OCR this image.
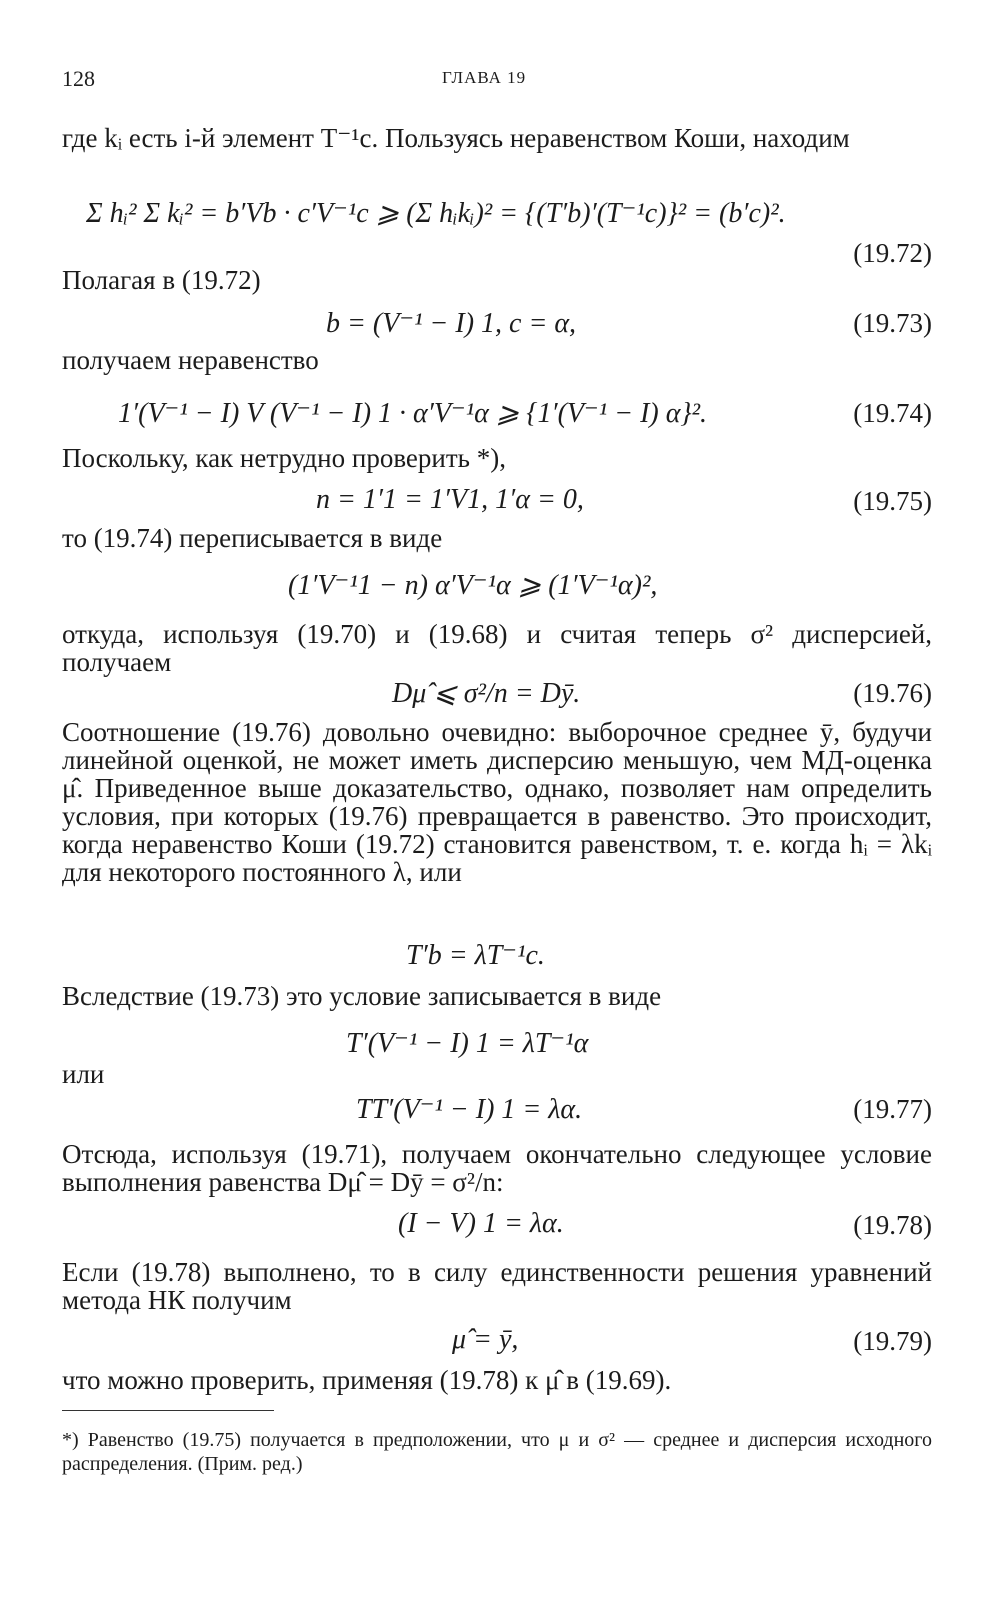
128	ГЛАВА 19
где kᵢ есть i-й элемент T⁻¹c. Пользуясь неравенством Коши, находим
Σ hᵢ² Σ kᵢ² = b′Vb · c′V⁻¹c ⩾ (Σ hᵢkᵢ)² = {(T′b)′(T⁻¹c)}² = (b′c)².
(19.72)
Полагая в (19.72)
b = (V⁻¹ − I) 1, c = α,	(19.73)
получаем неравенство
1′(V⁻¹ − I) V (V⁻¹ − I) 1 · α′V⁻¹α ⩾ {1′(V⁻¹ − I) α}².	(19.74)
Поскольку, как нетрудно проверить *),
n = 1′1 = 1′V1, 1′α = 0,	(19.75)
то (19.74) переписывается в виде
(1′V⁻¹1 − n) α′V⁻¹α ⩾ (1′V⁻¹α)²,
откуда, используя (19.70) и (19.68) и считая теперь σ² дисперсией, получаем
Dμ̂ ⩽ σ²/n = Dȳ.	(19.76)
Соотношение (19.76) довольно очевидно: выборочное среднее ȳ, будучи линейной оценкой, не может иметь дисперсию меньшую, чем МД-оценка μ̂. Приведенное выше доказательство, однако, позволяет нам определить условия, при которых (19.76) превращается в равенство. Это происходит, когда неравенство Коши (19.72) становится равенством, т. е. когда hᵢ = λkᵢ для некоторого постоянного λ, или
T′b = λT⁻¹c.
Вследствие (19.73) это условие записывается в виде
T′(V⁻¹ − I) 1 = λT⁻¹α
или
TT′(V⁻¹ − I) 1 = λα.	(19.77)
Отсюда, используя (19.71), получаем окончательно следующее условие выполнения равенства Dμ̂ = Dȳ = σ²/n:
(I − V) 1 = λα.	(19.78)
Если (19.78) выполнено, то в силу единственности решения уравнений метода НК получим
μ̂ = ȳ,	(19.79)
что можно проверить, применяя (19.78) к μ̂ в (19.69).
*) Равенство (19.75) получается в предположении, что μ и σ² — среднее и дисперсия исходного распределения. (Прим. ред.)
